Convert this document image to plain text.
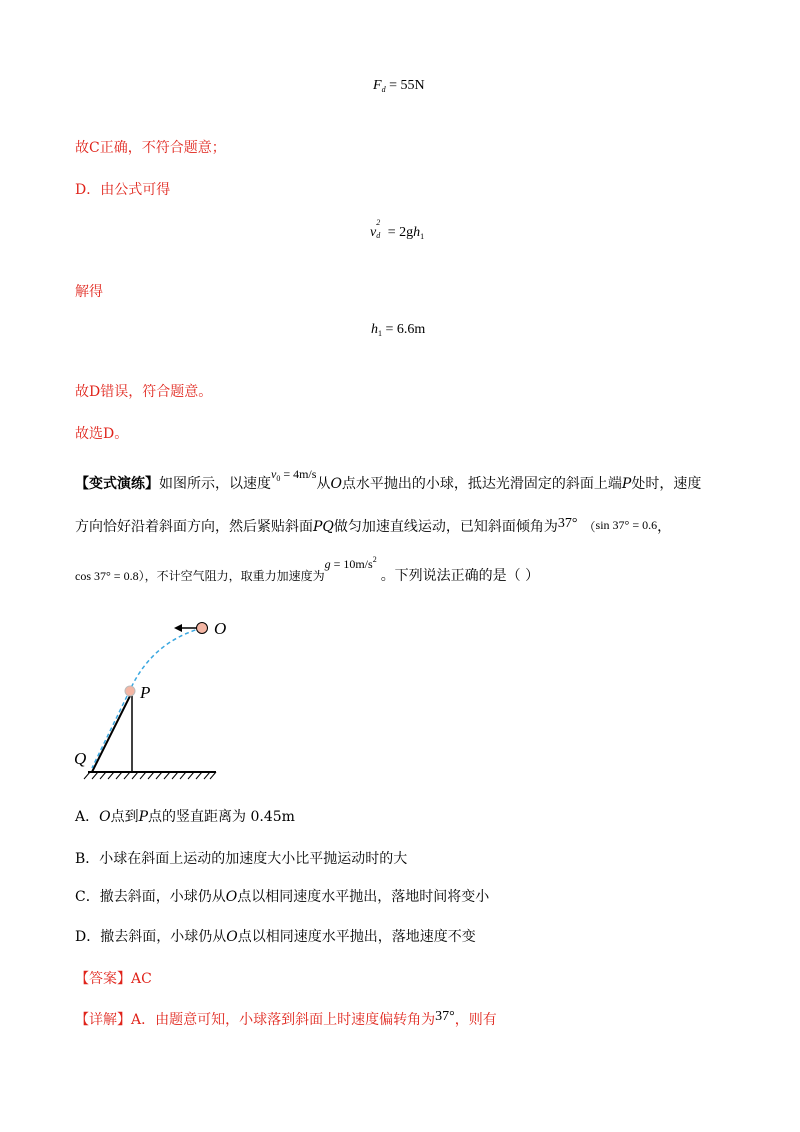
$F_d = 55N$
故C正确，不符合题意；
D．由公式可得
v
2
$d = 2gh_1$
解得
$h_1 = 6.6m$
故D错误，符合题意。
故选D。
【变式演练】如图所示，以速度$v_0 = 4m/s$从O点水平抛出的小球，抵达光滑固定的斜面上端P处时，速度
方向恰好沿着斜面方向，然后紧贴斜面PQ做匀加速直线运动，已知斜面倾角为37° （sin 37° = 0.6，
cos 37° = 0.8），不计空气阻力，取重力加速度为$g = 10m/s^2$。下列说法正确的是（ ）
O
P
Q
A．O点到P点的竖直距离为 0.45m
B．小球在斜面上运动的加速度大小比平抛运动时的大
C．撤去斜面，小球仍从O点以相同速度水平抛出，落地时间将变小
D．撤去斜面，小球仍从O点以相同速度水平抛出，落地速度不变
【答案】AC
【详解】A．由题意可知，小球落到斜面上时速度偏转角为37°，则有
